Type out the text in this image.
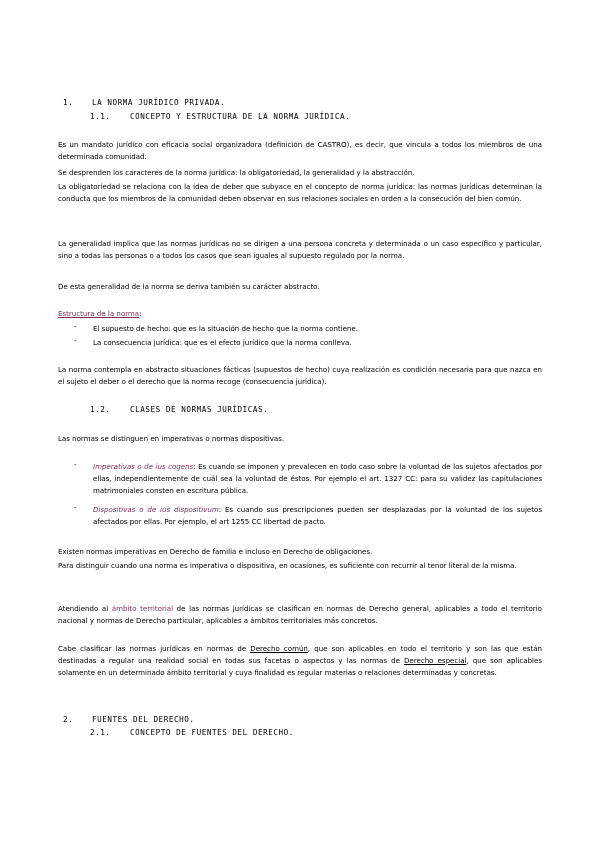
1. LA NORMA JURÍDICO PRIVADA.
1.1.	CONCEPTO Y ESTRUCTURA DE LA NORMA JURÍDICA.

Es un mandato jurídico con eficacia social organizadora (definición de CASTRO), es decir, que vincula a todos los miembros de una determinada comunidad.

Se desprenden los caracteres de la norma jurídica: la obligatoriedad, la generalidad y la abstracción.

La obligatoriedad se relaciona con la idea de deber que subyace en el concepto de norma jurídica: las normas jurídicas determinan la conducta que los miembros de la comunidad deben observar en sus relaciones sociales en orden a la consecución del bien común.

La generalidad implica que las normas jurídicas no se dirigen a una persona concreta y determinada o un caso específico y particular, sino a todas las personas o a todos los casos que sean iguales al supuesto regulado por la norma.

De esta generalidad de la norma se deriva también su carácter abstracto.

Estructura de la norma:

- El supuesto de hecho: que es la situación de hecho que la norma contiene.

- La consecuencia jurídica: que es el efecto jurídico que la norma conlleva.

La norma contempla en abstracto situaciones fácticas (supuestos de hecho) cuya realización es condición necesaria para que nazca en el sujeto el deber o el derecho que la norma recoge (consecuencia jurídica).

1.2.	CLASES DE NORMAS JURÍDICAS.

Las normas se distinguen en imperativas o normas dispositivas.

- Imperativas o de ius cogens: Es cuando se imponen y prevalecen en todo caso sobre la voluntad de los sujetos afectados por ellas, independientemente de cuál sea la voluntad de éstos. Por ejemplo el art. 1327 CC: para su validez las capitulaciones matrimoniales consten en escritura pública.

- Dispositivas o de ius dispositivum: Es cuando sus prescripciones pueden ser desplazadas por la voluntad de los sujetos afectados por ellas. Por ejemplo, el art 1255 CC libertad de pacto.

Existen normas imperativas en Derecho de familia e incluso en Derecho de obligaciones.

Para distinguir cuando una norma es imperativa o dispositiva, en ocasiones, es suficiente con recurrir al tenor literal de la misma.

Atendiendo al ámbito territorial de las normas jurídicas se clasifican en normas de Derecho general, aplicables a todo el territorio nacional y normas de Derecho particular, aplicables a ámbitos territoriales más concretos.

Cabe clasificar las normas jurídicas en normas de Derecho común, que son aplicables en todo el territorio y son las que están destinadas a regular una realidad social en todas sus facetas o aspectos y las normas de Derecho especial, que son aplicables solamente en un determinado ámbito territorial y cuya finalidad es regular materias o relaciones determinadas y concretas.

2. FUENTES DEL DERECHO.
2.1.	CONCEPTO DE FUENTES DEL DERECHO.
